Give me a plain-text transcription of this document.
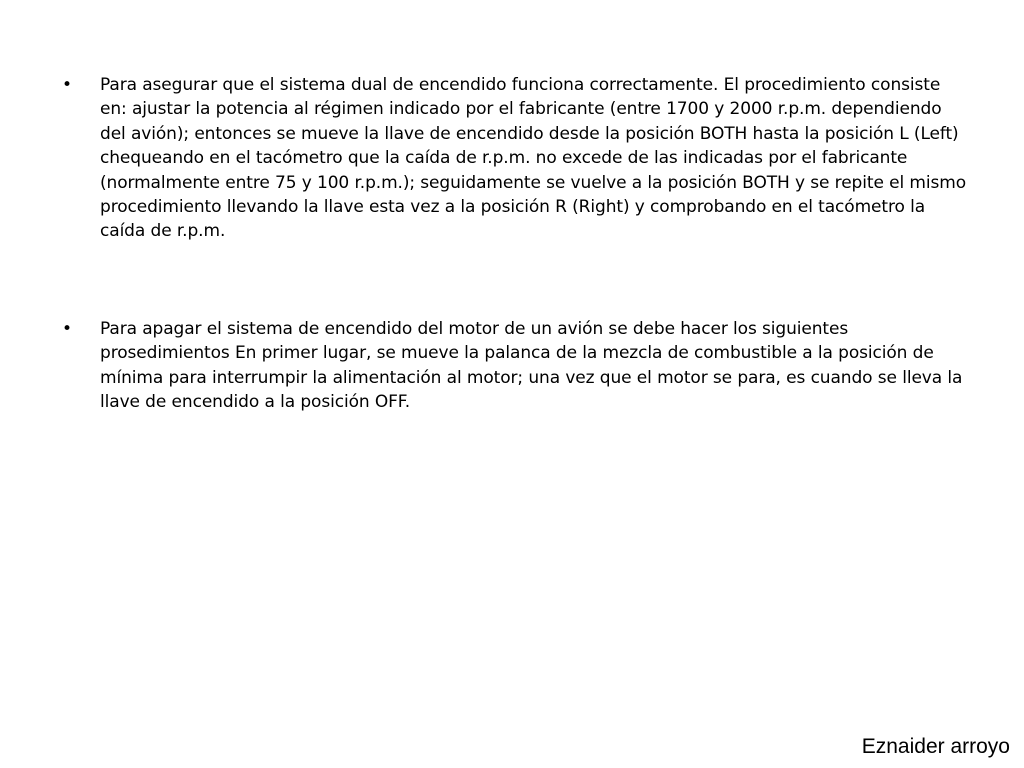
•	Para asegurar que el sistema dual de encendido funciona correctamente. El procedimiento consiste en: ajustar la potencia al régimen indicado por el fabricante (entre 1700 y 2000 r.p.m. dependiendo del avión); entonces se mueve la llave de encendido desde la posición BOTH hasta la posición L (Left) chequeando en el tacómetro que la caída de r.p.m. no excede de las indicadas por el fabricante (normalmente entre 75 y 100 r.p.m.); seguidamente se vuelve a la posición BOTH y se repite el mismo procedimiento llevando la llave esta vez a la posición R (Right) y comprobando en el tacómetro la caída de r.p.m.
•	Para apagar el sistema de encendido del motor de un avión se debe hacer los siguientes prosedimientos En primer lugar, se mueve la palanca de la mezcla de combustible a la posición de mínima para interrumpir la alimentación al motor; una vez que el motor se para, es cuando se lleva la llave de encendido a la posición OFF.
Eznaider arroyo
